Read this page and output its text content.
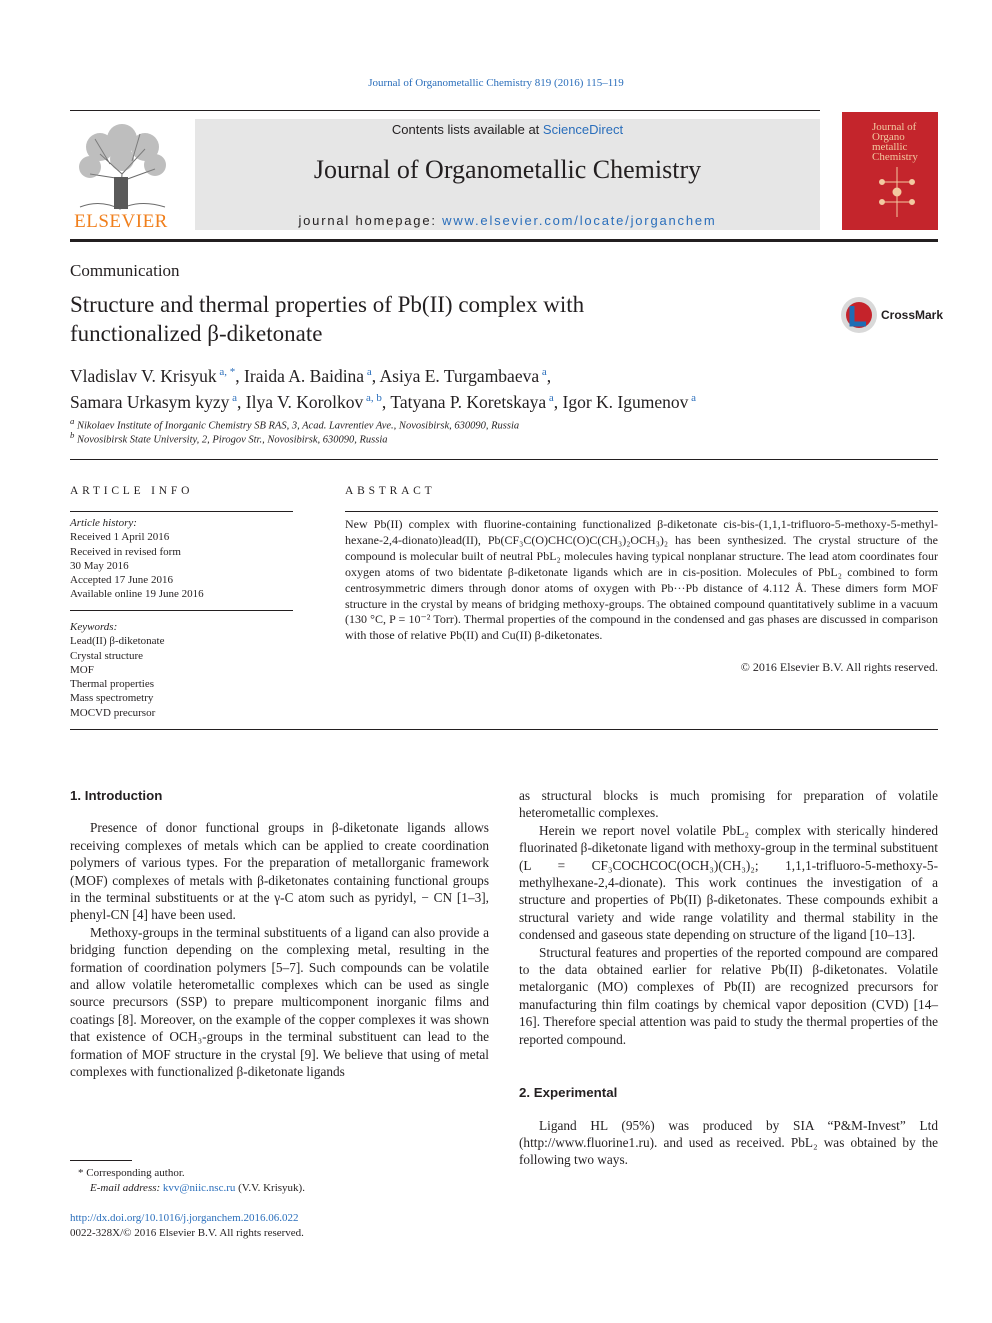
Journal of Organometallic Chemistry 819 (2016) 115–119
ELSEVIER
Contents lists available at ScienceDirect
Journal of Organometallic Chemistry
journal homepage: www.elsevier.com/locate/jorganchem
Journal of Organo metallic Chemistry
Communication
Structure and thermal properties of Pb(II) complex with
functionalized β-diketonate
CrossMark
Vladislav V. Krisyuk $^{a, *}$, Iraida A. Baidina $^a$, Asiya E. Turgambaeva $^a$,
Samara Urkasym kyzy $^a$, Ilya V. Korolkov $^{a, b}$, Tatyana P. Koretskaya $^a$, Igor K. Igumenov $^a$
$^a$ Nikolaev Institute of Inorganic Chemistry SB RAS, 3, Acad. Lavrentiev Ave., Novosibirsk, 630090, Russia
$^b$ Novosibirsk State University, 2, Pirogov Str., Novosibirsk, 630090, Russia
ARTICLE INFO
Article history:
Received 1 April 2016
Received in revised form
30 May 2016
Accepted 17 June 2016
Available online 19 June 2016
Keywords:
Lead(II) β-diketonate
Crystal structure
MOF
Thermal properties
Mass spectrometry
MOCVD precursor
ABSTRACT
New Pb(II) complex with fluorine-containing functionalized β-diketonate cis-bis-(1,1,1-trifluoro-5-methoxy-5-methyl-hexane-2,4-dionato)lead(II), Pb(CF₃C(O)CHC(O)C(CH₃)₂OCH₃)₂ has been synthesized. The crystal structure of the compound is molecular built of neutral PbL₂ molecules having typical nonplanar structure. The lead atom coordinates four oxygen atoms of two bidentate β-diketonate ligands which are in cis-position. Molecules of PbL₂ combined to form centrosymmetric dimers through donor atoms of oxygen with Pb···Pb distance of 4.112 Å. These dimers form MOF structure in the crystal by means of bridging methoxy-groups. The obtained compound quantitatively sublime in a vacuum (130 °C, P = 10⁻² Torr). Thermal properties of the compound in the condensed and gas phases are discussed in comparison with those of relative Pb(II) and Cu(II) β-diketonates.
© 2016 Elsevier B.V. All rights reserved.
1. Introduction

Presence of donor functional groups in β-diketonate ligands allows receiving complexes of metals which can be applied to create coordination polymers of various types. For the preparation of metallorganic framework (MOF) complexes of metals with β-diketonates containing functional groups in the terminal substituents or at the γ-C atom such as pyridyl, − CN [1–3], phenyl-CN [4] have been used.

Methoxy-groups in the terminal substituents of a ligand can also provide a bridging function depending on the complexing metal, resulting in the formation of coordination polymers [5–7]. Such compounds can be volatile and allow volatile heterometallic complexes which can be used as single source precursors (SSP) to prepare multicomponent inorganic films and coatings [8]. Moreover, on the example of the copper complexes it was shown that existence of OCH₃-groups in the terminal substituent can lead to the formation of MOF structure in the crystal [9]. We believe that using of metal complexes with functionalized β-diketonate ligands

as structural blocks is much promising for preparation of volatile heterometallic complexes.

Herein we report novel volatile PbL₂ complex with sterically hindered fluorinated β-diketonate ligand with methoxy-group in the terminal substituent (L = CF₃COCHCOC(OCH₃)(CH₃)₂; 1,1,1-trifluoro-5-methoxy-5-methylhexane-2,4-dionate). This work continues the investigation of a structure and properties of Pb(II) β-diketonates. These compounds exhibit a structural variety and wide range volatility and thermal stability in the condensed and gaseous state depending on structure of the ligand [10–13].

Structural features and properties of the reported compound are compared to the data obtained earlier for relative Pb(II) β-diketonates. Volatile metalorganic (MO) complexes of Pb(II) are recognized precursors for manufacturing thin film coatings by chemical vapor deposition (CVD) [14–16]. Therefore special attention was paid to study the thermal properties of the reported compound.

2. Experimental

Ligand HL (95%) was produced by SIA “P&M-Invest” Ltd (http://www.fluorine1.ru). and used as received. PbL₂ was obtained by the following two ways.

* Corresponding author.
E-mail address: kvv@niic.nsc.ru (V.V. Krisyuk).
http://dx.doi.org/10.1016/j.jorganchem.2016.06.022
0022-328X/© 2016 Elsevier B.V. All rights reserved.
